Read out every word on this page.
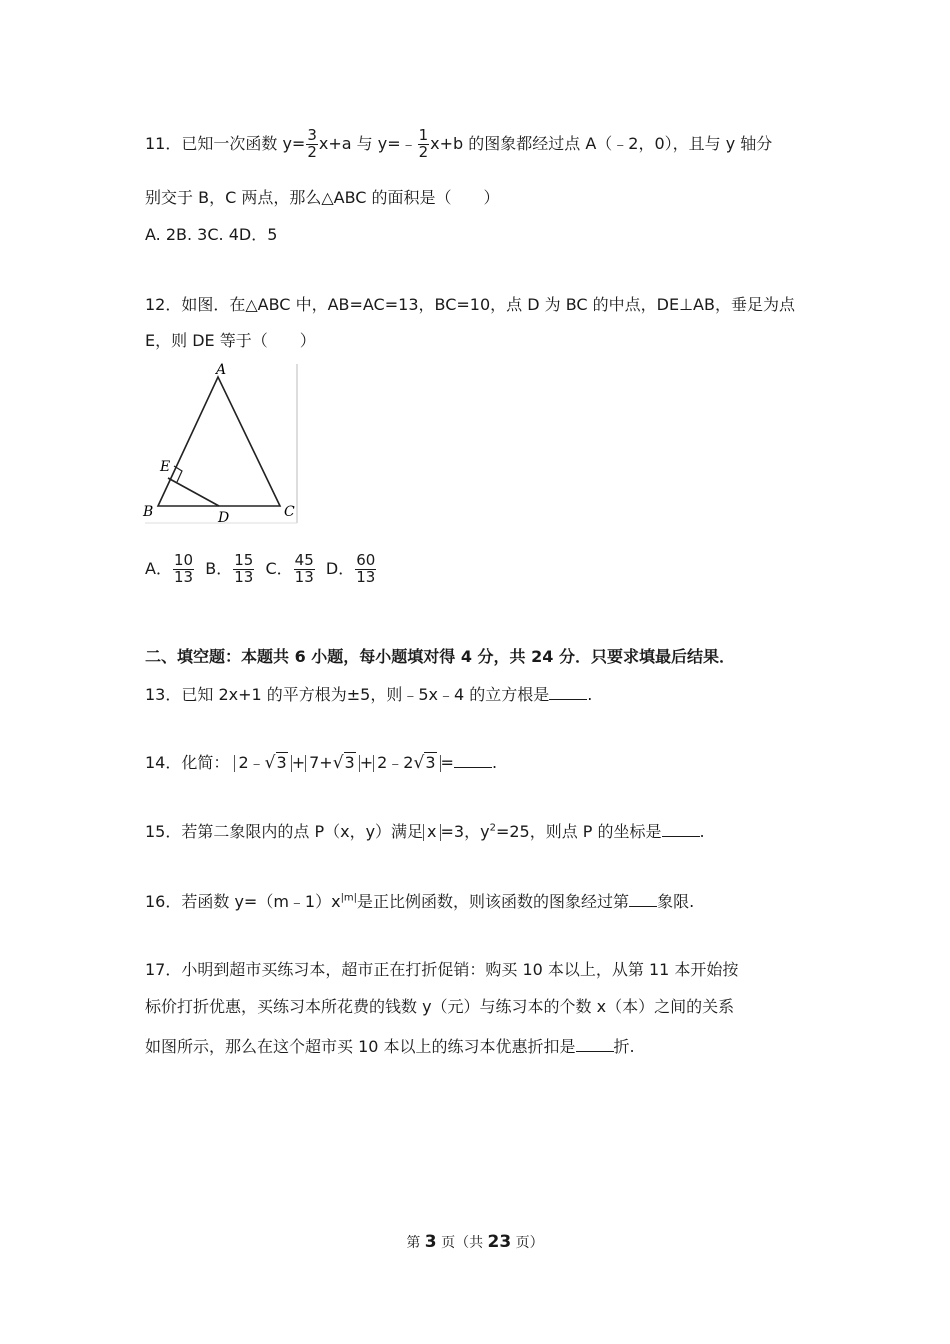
11．已知一次函数 $y= \frac{3}{2} x+a$ 与 y=﹣ $\frac{1}{2} x+b$ 的图象都经过点 A（﹣2，0），且与 y 轴分
别交于 B，C 两点，那么△ABC 的面积是（　　）
A. 2B. 3C. 4D．5
12．如图．在△ABC 中，AB=AC=13，BC=10，点 D 为 BC 的中点，DE⊥AB，垂足为点
E，则 DE 等于（　　）
A
E
B	D	C
A． $\frac{10}{13}$ B． $\frac{15}{13}$ C． $\frac{45}{13}$ D． $\frac{60}{13}$
二、填空题：本题共 6 小题，每小题填对得 4 分，共 24 分．只要求填最后结果．
13．已知 2x+1 的平方根为±5，则﹣5x﹣4 的立方根是 .
14．化简： 2﹣√3 + 7+√3 + 2﹣2√3 = .
15．若第二象限内的点 P（x，y）满足 x =3，$y^2=25$，则点 P 的坐标是 .
16．若函数 $y=(m﹣1)x^{|m|}$是正比例函数，则该函数的图象经过第 象限.
17．小明到超市买练习本，超市正在打折促销：购买 10 本以上，从第 11 本开始按
标价打折优惠，买练习本所花费的钱数 y（元）与练习本的个数 x（本）之间的关系
如图所示，那么在这个超市买 10 本以上的练习本优惠折扣是 折.
第 3 页（共 23 页）
